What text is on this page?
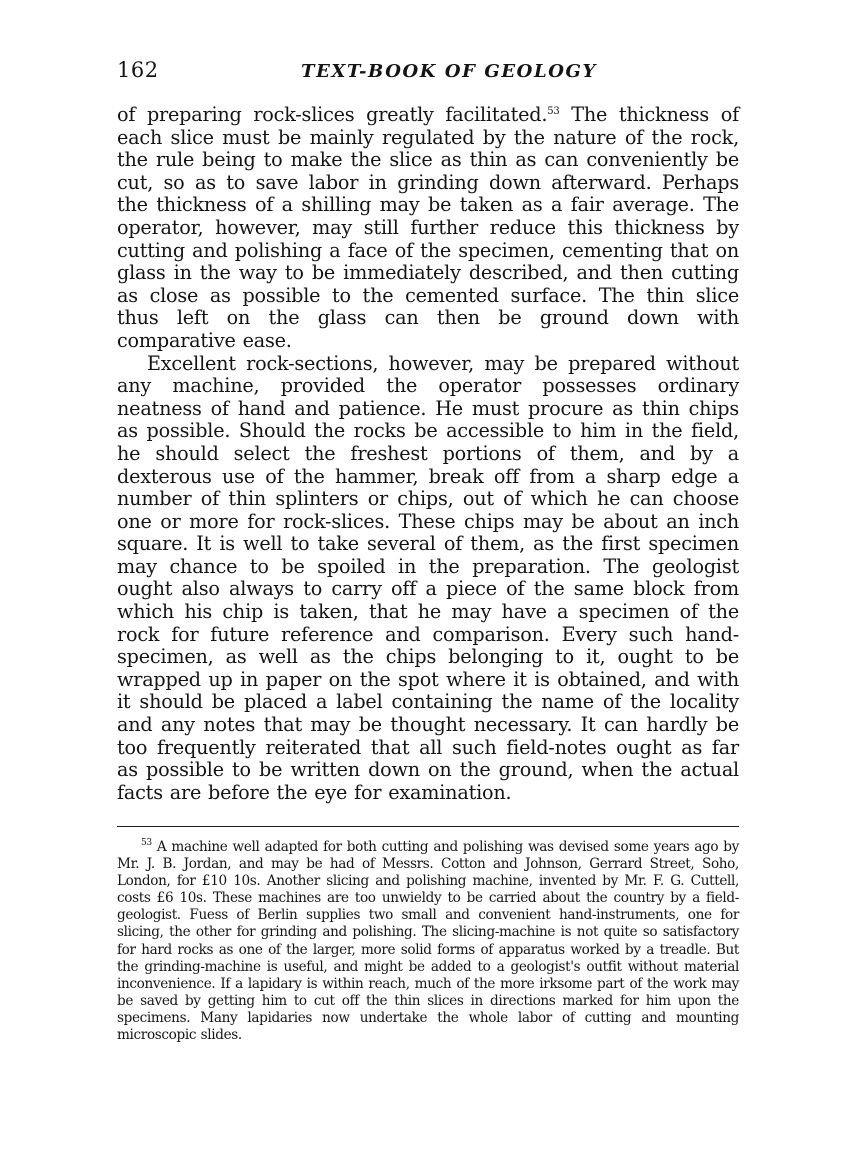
162	TEXT-BOOK OF GEOLOGY

of preparing rock-slices greatly facilitated.$^{53}$ The thickness of each slice must be mainly regulated by the nature of the rock, the rule being to make the slice as thin as can conveniently be cut, so as to save labor in grinding down afterward. Perhaps the thickness of a shilling may be taken as a fair average. The operator, however, may still further reduce this thickness by cutting and polishing a face of the specimen, cementing that on glass in the way to be immediately described, and then cutting as close as possible to the cemented surface. The thin slice thus left on the glass can then be ground down with comparative ease.

Excellent rock-sections, however, may be prepared without any machine, provided the operator possesses ordinary neatness of hand and patience. He must procure as thin chips as possible. Should the rocks be accessible to him in the field, he should select the freshest portions of them, and by a dexterous use of the hammer, break off from a sharp edge a number of thin splinters or chips, out of which he can choose one or more for rock-slices. These chips may be about an inch square. It is well to take several of them, as the first specimen may chance to be spoiled in the preparation. The geologist ought also always to carry off a piece of the same block from which his chip is taken, that he may have a specimen of the rock for future reference and comparison. Every such hand-specimen, as well as the chips belonging to it, ought to be wrapped up in paper on the spot where it is obtained, and with it should be placed a label containing the name of the locality and any notes that may be thought necessary. It can hardly be too frequently reiterated that all such field-notes ought as far as possible to be written down on the ground, when the actual facts are before the eye for examination.

$^{53}$ A machine well adapted for both cutting and polishing was devised some years ago by Mr. J. B. Jordan, and may be had of Messrs. Cotton and Johnson, Gerrard Street, Soho, London, for £10 10s. Another slicing and polishing machine, invented by Mr. F. G. Cuttell, costs £6 10s. These machines are too unwieldy to be carried about the country by a field-geologist. Fuess of Berlin supplies two small and convenient hand-instruments, one for slicing, the other for grinding and polishing. The slicing-machine is not quite so satisfactory for hard rocks as one of the larger, more solid forms of apparatus worked by a treadle. But the grinding-machine is useful, and might be added to a geologist's outfit without material inconvenience. If a lapidary is within reach, much of the more irksome part of the work may be saved by getting him to cut off the thin slices in directions marked for him upon the specimens. Many lapidaries now undertake the whole labor of cutting and mounting microscopic slides.
